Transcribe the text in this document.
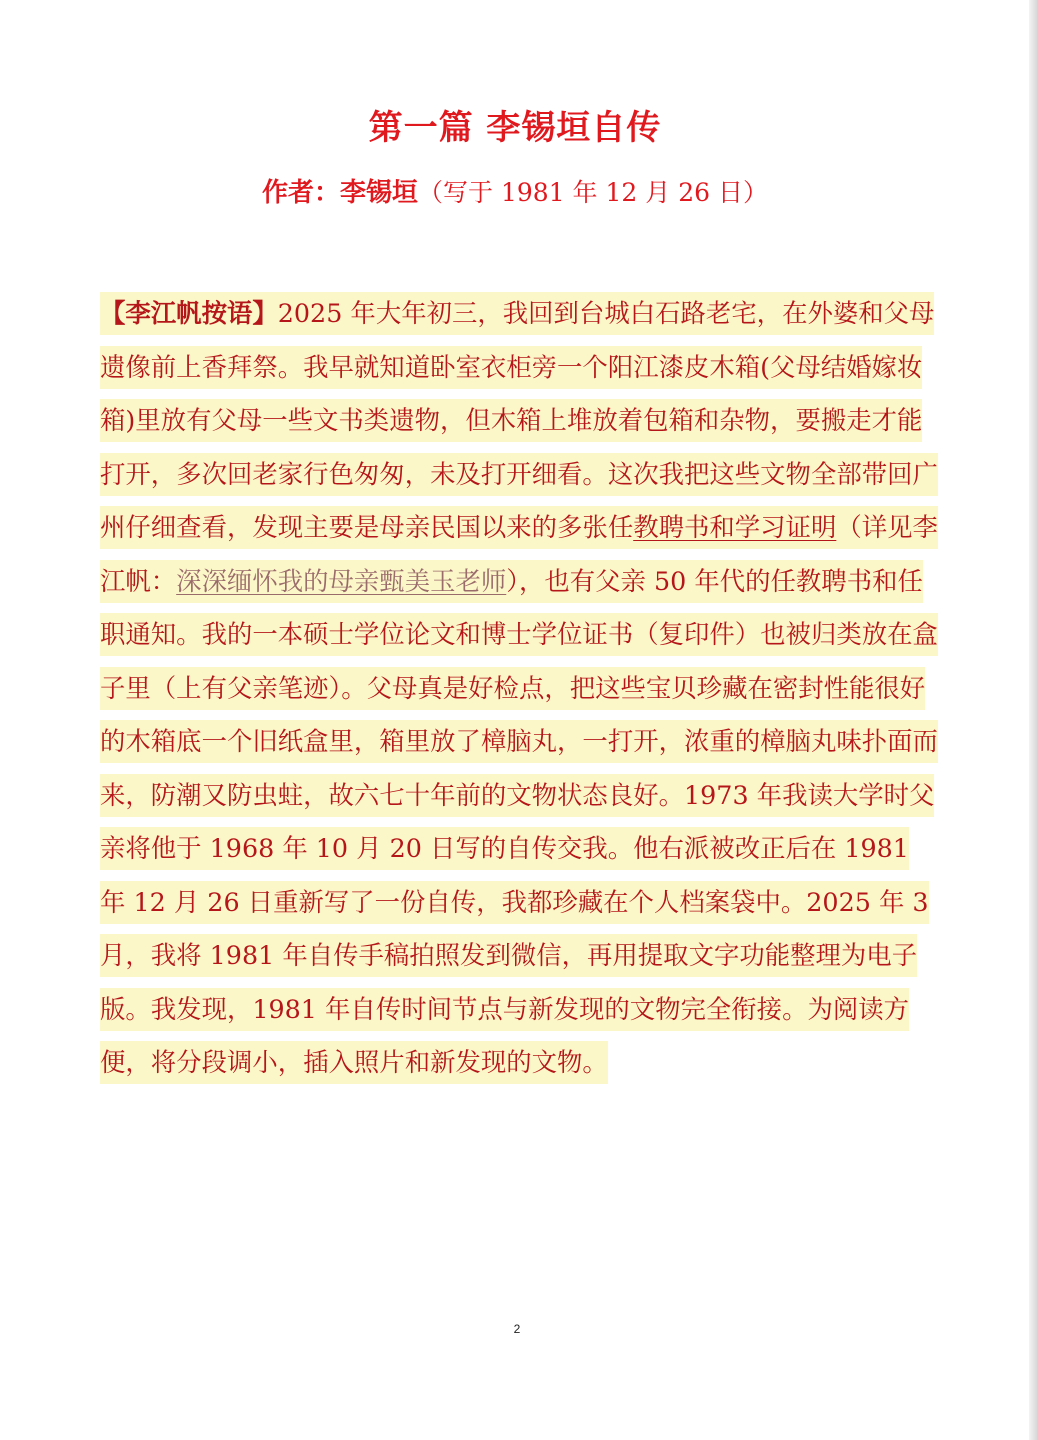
第一篇 李锡垣自传
作者：李锡垣（写于 1981 年 12 月 26 日）
【李江帆按语】2025 年大年初三，我回到台城白石路老宅，在外婆和父母遗像前上香拜祭。我早就知道卧室衣柜旁一个阳江漆皮木箱(父母结婚嫁妆箱)里放有父母一些文书类遗物，但木箱上堆放着包箱和杂物，要搬走才能打开，多次回老家行色匆匆，未及打开细看。这次我把这些文物全部带回广州仔细查看，发现主要是母亲民国以来的多张任教聘书和学习证明（详见李江帆：深深缅怀我的母亲甄美玉老师），也有父亲 50 年代的任教聘书和任职通知。我的一本硕士学位论文和博士学位证书（复印件）也被归类放在盒子里（上有父亲笔迹）。父母真是好检点，把这些宝贝珍藏在密封性能很好的木箱底一个旧纸盒里，箱里放了樟脑丸，一打开，浓重的樟脑丸味扑面而来，防潮又防虫蛀，故六七十年前的文物状态良好。1973 年我读大学时父亲将他于 1968 年 10 月 20 日写的自传交我。他右派被改正后在 1981 年 12 月 26 日重新写了一份自传，我都珍藏在个人档案袋中。2025 年 3 月，我将 1981 年自传手稿拍照发到微信，再用提取文字功能整理为电子版。我发现，1981 年自传时间节点与新发现的文物完全衔接。为阅读方便，将分段调小，插入照片和新发现的文物。
2
